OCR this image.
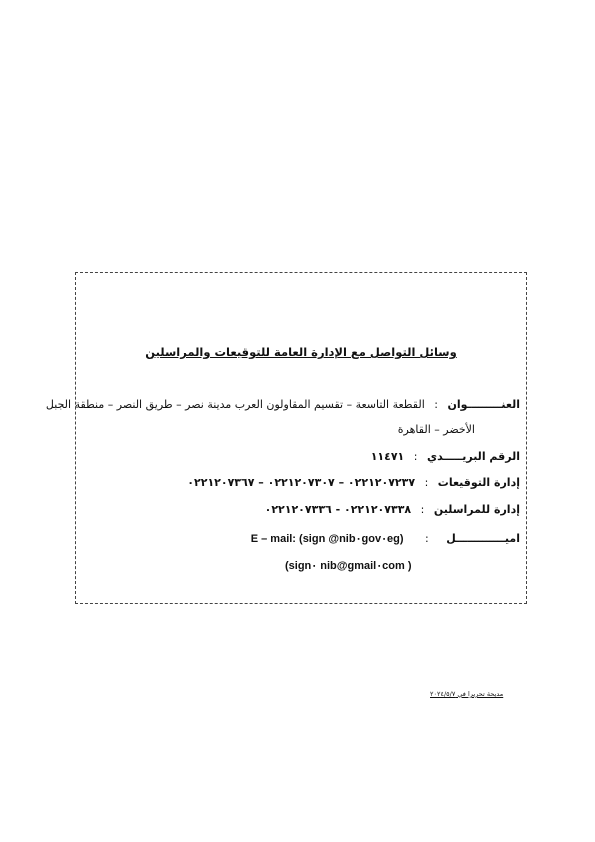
وسائل التواصل مع الإدارة العامة للتوقيعات والمراسلين
العنـــــــــوان : القطعة التاسعة – تقسيم المقاولون العرب مدينة نصر – طريق النصر – منطقة الجبل
الأخضر – القاهرة
الرقم البريـــــدي : ١١٤٧١
إدارة التوقيعات : ٠٢٢١٢٠٧٢٣٧ – ٠٢٢١٢٠٧٣٠٧ – ٠٢٢١٢٠٧٣٦٧
إدارة للمراسلين : ٠٢٢١٢٠٧٣٣٨ - ٠٢٢١٢٠٧٣٣٦
اميـــــــــــــل : E – mail: (sign @nib٠gov٠eg)
(sign٠ nib@gmail٠com )
مديحة تحريرا في ٢٠٢٤/٥/٧
